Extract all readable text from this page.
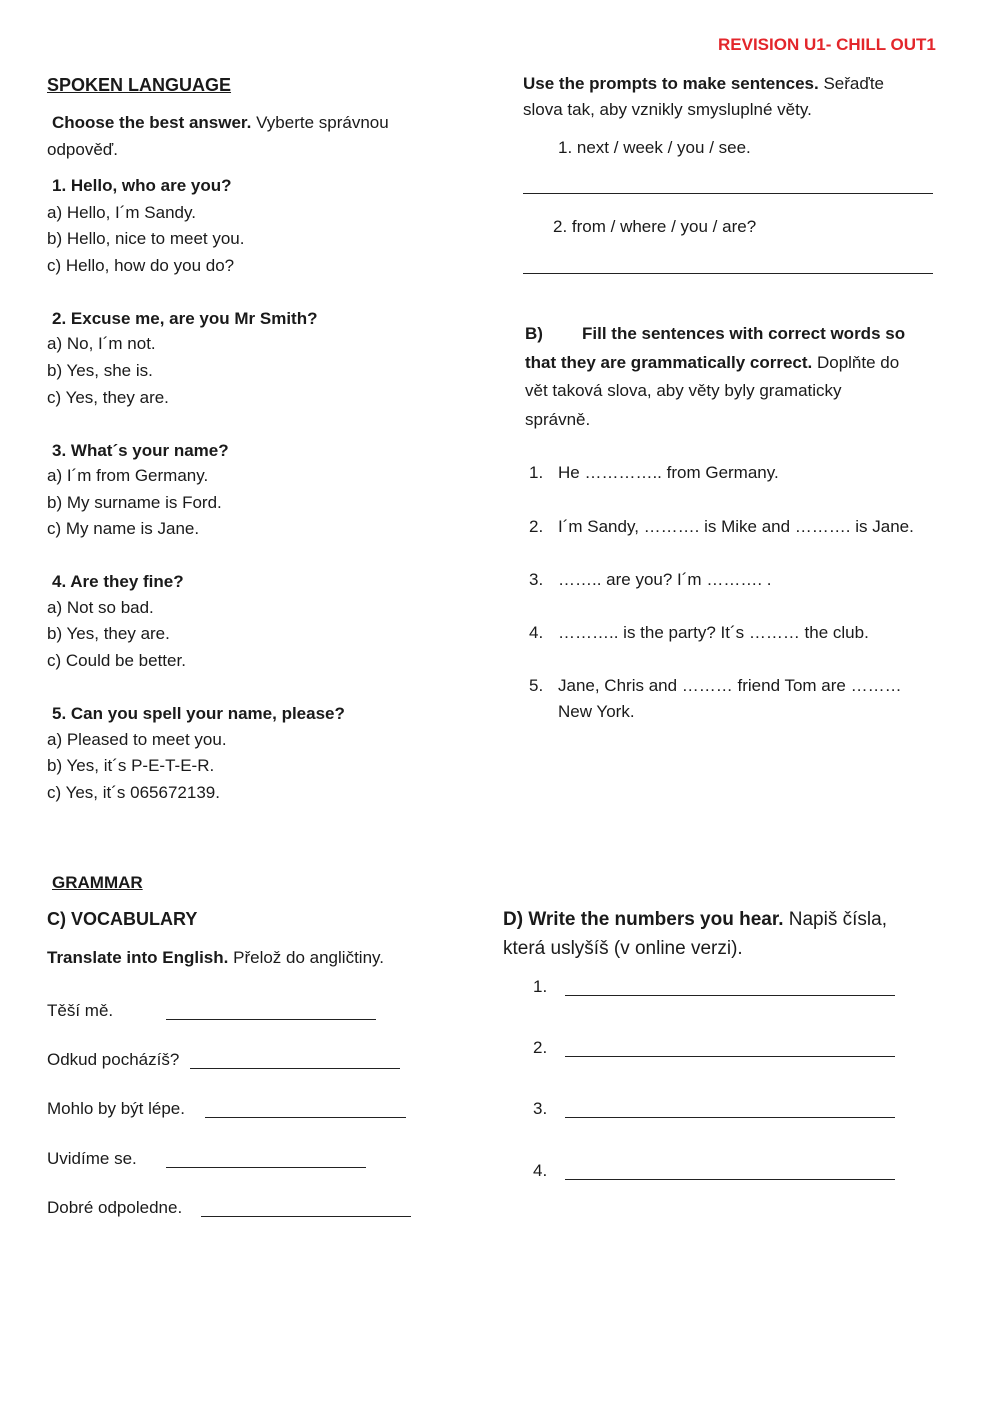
REVISION U1- CHILL OUT1
SPOKEN LANGUAGE
Choose the best answer. Vyberte správnou
odpověď.
1. Hello, who are you?
a) Hello, I´m Sandy.
b) Hello, nice to meet you.
c) Hello, how do you do?
2. Excuse me, are you Mr Smith?
a) No, I´m not.
b) Yes, she is.
c) Yes, they are.
3. What´s your name?
a) I´m from Germany.
b) My surname is Ford.
c) My name is Jane.
4. Are they fine?
a) Not so bad.
b) Yes, they are.
c) Could be better.
5. Can you spell your name, please?
a) Pleased to meet you.
b) Yes, it´s P-E-T-E-R.
c) Yes, it´s 065672139.
Use the prompts to make sentences. Seřaďte
slova tak, aby vznikly smysluplné věty.
1. next / week / you / see.
2. from / where / you / are?
B) Fill the sentences with correct words so
that they are grammatically correct. Doplňte do
vět taková slova, aby věty byly gramaticky
správně.
1. He ………….. from Germany.
2. I´m Sandy, ………. is Mike and ………. is Jane.
3. …….. are you? I´m ………. .
4. ……….. is the party? It´s ……… the club.
5. Jane, Chris and ……… friend Tom are ………
New York.
GRAMMAR
C) VOCABULARY
Translate into English. Přelož do angličtiny.
Těší mě.
Odkud pocházíš?
Mohlo by být lépe.
Uvidíme se.
Dobré odpoledne.
D) Write the numbers you hear. Napiš čísla,
která uslyšíš (v online verzi).
1.
2.
3.
4.
